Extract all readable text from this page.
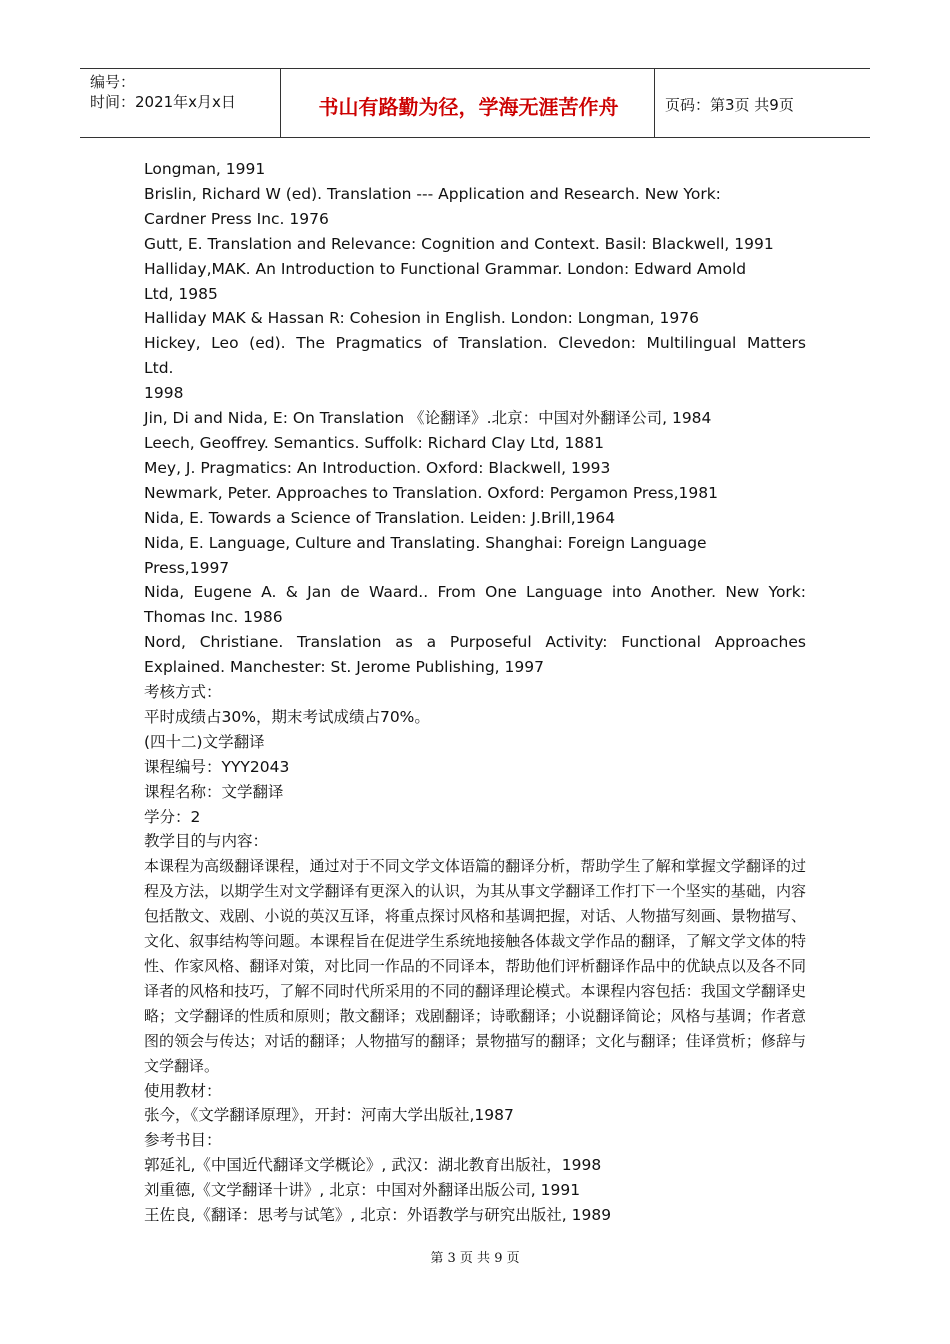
编号：
时间：2021年x月x日	书山有路勤为径，学海无涯苦作舟	页码：第3页 共9页
Longman, 1991
Brislin, Richard W (ed). Translation --- Application and Research. New York:
Cardner Press Inc. 1976
Gutt, E. Translation and Relevance: Cognition and Context. Basil: Blackwell, 1991
Halliday,MAK. An Introduction to Functional Grammar. London: Edward Amold
Ltd, 1985
Halliday MAK & Hassan R: Cohesion in English. London: Longman, 1976
Hickey, Leo (ed). The Pragmatics of Translation. Clevedon: Multilingual Matters
Ltd.
1998
Jin, Di and Nida, E: On Translation 《论翻译》.北京：中国对外翻译公司, 1984
Leech, Geoffrey. Semantics. Suffolk: Richard Clay Ltd, 1881
Mey, J. Pragmatics: An Introduction. Oxford: Blackwell, 1993
Newmark, Peter. Approaches to Translation. Oxford: Pergamon Press,1981
Nida, E. Towards a Science of Translation. Leiden: J.Brill,1964
Nida, E. Language, Culture and Translating. Shanghai: Foreign Language
Press,1997
Nida, Eugene A. & Jan de Waard.. From One Language into Another. New York:
Thomas Inc. 1986
Nord, Christiane. Translation as a Purposeful Activity: Functional Approaches
Explained. Manchester: St. Jerome Publishing, 1997
考核方式：
平时成绩占30%，期末考试成绩占70%。
(四十二)文学翻译
课程编号：YYY2043
课程名称：文学翻译
学分：2
教学目的与内容：
本课程为高级翻译课程，通过对于不同文学文体语篇的翻译分析，帮助学生了解和掌握文学翻译的过程及方法，以期学生对文学翻译有更深入的认识，为其从事文学翻译工作打下一个坚实的基础，内容包括散文、戏剧、小说的英汉互译，将重点探讨风格和基调把握，对话、人物描写刻画、景物描写、文化、叙事结构等问题。本课程旨在促进学生系统地接触各体裁文学作品的翻译，了解文学文体的特性、作家风格、翻译对策，对比同一作品的不同译本，帮助他们评析翻译作品中的优缺点以及各不同译者的风格和技巧，了解不同时代所采用的不同的翻译理论模式。本课程内容包括：我国文学翻译史略；文学翻译的性质和原则；散文翻译；戏剧翻译；诗歌翻译；小说翻译简论；风格与基调；作者意图的领会与传达；对话的翻译；人物描写的翻译；景物描写的翻译；文化与翻译；佳译赏析；修辞与文学翻译。
使用教材：
张今，《文学翻译原理》，开封：河南大学出版社,1987
参考书目：
郭延礼,《中国近代翻译文学概论》, 武汉：湖北教育出版社，1998
刘重德,《文学翻译十讲》, 北京：中国对外翻译出版公司, 1991
王佐良,《翻译：思考与试笔》, 北京：外语教学与研究出版社, 1989
第 3 页 共 9 页
